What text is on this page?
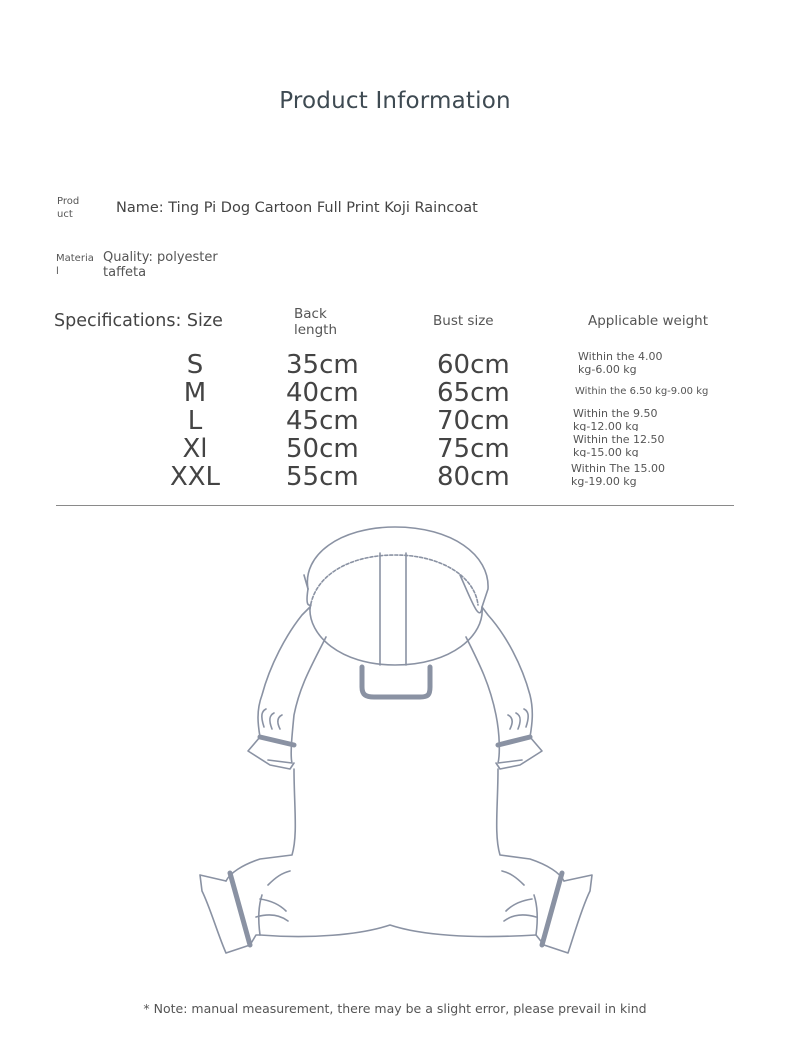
Product Information
Prod
uct	Name: Ting Pi Dog Cartoon Full Print Koji Raincoat
Materia
l
Quality: polyester
taffeta
Specifications: Size	Back
length
Bust size	Applicable weight
S	35cm	60cm	Within the 4.00
kg-6.00 kg
M	40cm	65cm	Within the 6.50 kg-9.00 kg
L	45cm	70cm	Within the 9.50
kg-12.00 kg
Xl	50cm	75cm	Within the 12.50
kg-15.00 kg
XXL	55cm	80cm	Within The 15.00
kg-19.00 kg
* Note: manual measurement, there may be a slight error, please prevail in kind
